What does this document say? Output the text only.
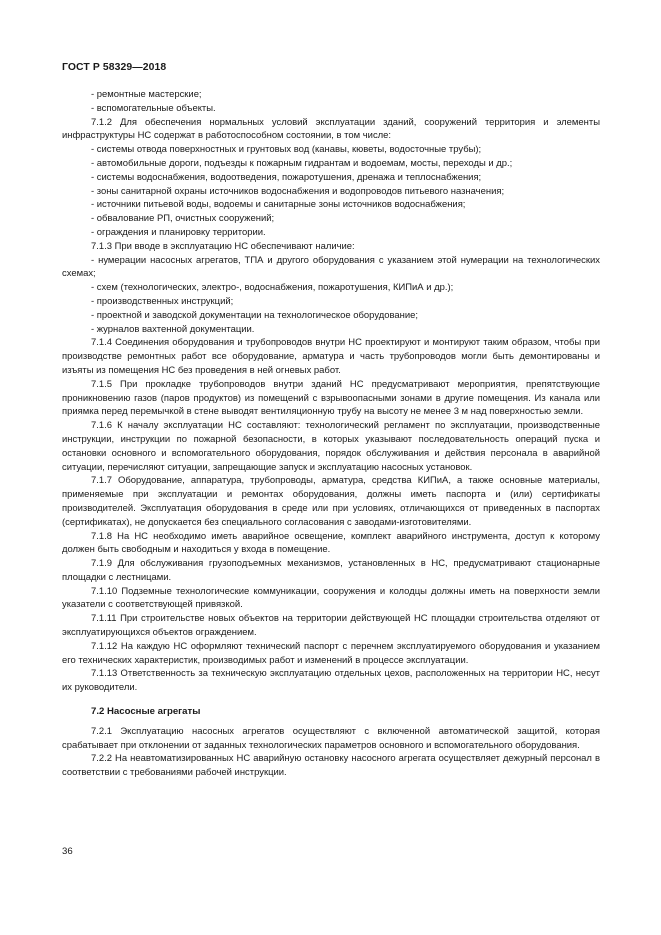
ГОСТ Р 58329—2018

- ремонтные мастерские;

- вспомогательные объекты.

7.1.2 Для обеспечения нормальных условий эксплуатации зданий, сооружений территория и элементы инфраструктуры НС содержат в работоспособном состоянии, в том числе:

- системы отвода поверхностных и грунтовых вод (канавы, кюветы, водосточные трубы);

- автомобильные дороги, подъезды к пожарным гидрантам и водоемам, мосты, переходы и др.;

- системы водоснабжения, водоотведения, пожаротушения, дренажа и теплоснабжения;

- зоны санитарной охраны источников водоснабжения и водопроводов питьевого назначения;

- источники питьевой воды, водоемы и санитарные зоны источников водоснабжения;

- обвалование РП, очистных сооружений;

- ограждения и планировку территории.

7.1.3 При вводе в эксплуатацию НС обеспечивают наличие:

- нумерации насосных агрегатов, ТПА и другого оборудования с указанием этой нумерации на технологических схемах;

- схем (технологических, электро-, водоснабжения, пожаротушения, КИПиА и др.);

- производственных инструкций;

- проектной и заводской документации на технологическое оборудование;

- журналов вахтенной документации.

7.1.4 Соединения оборудования и трубопроводов внутри НС проектируют и монтируют таким образом, чтобы при производстве ремонтных работ все оборудование, арматура и часть трубопроводов могли быть демонтированы и изъяты из помещения НС без проведения в ней огневых работ.

7.1.5 При прокладке трубопроводов внутри зданий НС предусматривают мероприятия, препятствующие проникновению газов (паров продуктов) из помещений с взрывоопасными зонами в другие помещения. Из канала или приямка перед перемычкой в стене выводят вентиляционную трубу на высоту не менее 3 м над поверхностью земли.

7.1.6 К началу эксплуатации НС составляют: технологический регламент по эксплуатации, производственные инструкции, инструкции по пожарной безопасности, в которых указывают последовательность операций пуска и остановки основного и вспомогательного оборудования, порядок обслуживания и действия персонала в аварийной ситуации, перечисляют ситуации, запрещающие запуск и эксплуатацию насосных установок.

7.1.7 Оборудование, аппаратура, трубопроводы, арматура, средства КИПиА, а также основные материалы, применяемые при эксплуатации и ремонтах оборудования, должны иметь паспорта и (или) сертификаты производителей. Эксплуатация оборудования в среде или при условиях, отличающихся от приведенных в паспортах (сертификатах), не допускается без специального согласования с заводами-изготовителями.

7.1.8 На НС необходимо иметь аварийное освещение, комплект аварийного инструмента, доступ к которому должен быть свободным и находиться у входа в помещение.

7.1.9 Для обслуживания грузоподъемных механизмов, установленных в НС, предусматривают стационарные площадки с лестницами.

7.1.10 Подземные технологические коммуникации, сооружения и колодцы должны иметь на поверхности земли указатели с соответствующей привязкой.

7.1.11 При строительстве новых объектов на территории действующей НС площадки строительства отделяют от эксплуатирующихся объектов ограждением.

7.1.12 На каждую НС оформляют технический паспорт с перечнем эксплуатируемого оборудования и указанием его технических характеристик, производимых работ и изменений в процессе эксплуатации.

7.1.13 Ответственность за техническую эксплуатацию отдельных цехов, расположенных на территории НС, несут их руководители.

7.2 Насосные агрегаты

7.2.1 Эксплуатацию насосных агрегатов осуществляют с включенной автоматической защитой, которая срабатывает при отклонении от заданных технологических параметров основного и вспомогательного оборудования.

7.2.2 На неавтоматизированных НС аварийную остановку насосного агрегата осуществляет дежурный персонал в соответствии с требованиями рабочей инструкции.

36
